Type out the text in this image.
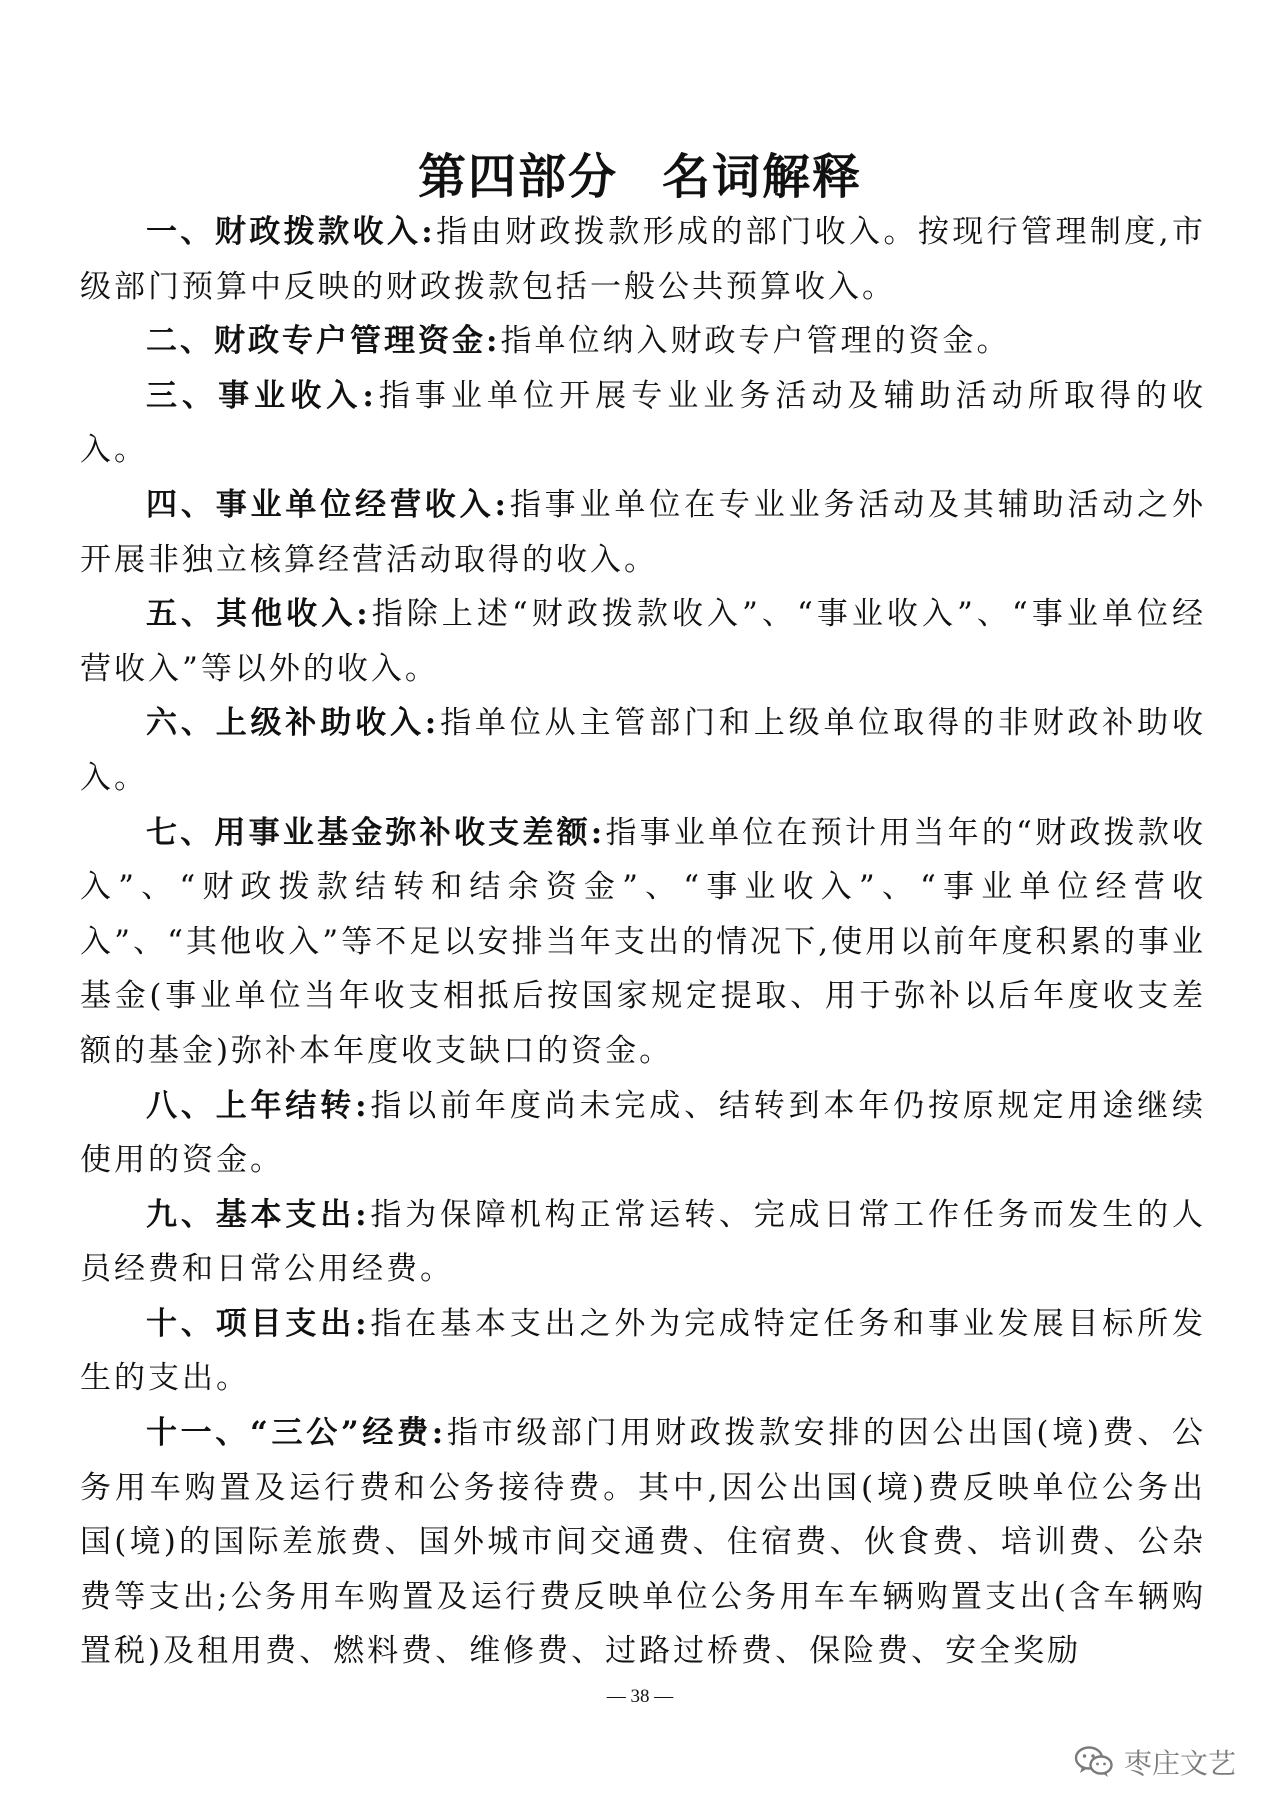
第四部分 名词解释

一、财政拨款收入:指由财政拨款形成的部门收入。按现行管理制度,市级部门预算中反映的财政拨款包括一般公共预算收入。

二、财政专户管理资金:指单位纳入财政专户管理的资金。

三、事业收入:指事业单位开展专业业务活动及辅助活动所取得的收入。

四、事业单位经营收入:指事业单位在专业业务活动及其辅助活动之外开展非独立核算经营活动取得的收入。

五、其他收入:指除上述“财政拨款收入”、“事业收入”、“事业单位经营收入”等以外的收入。

六、上级补助收入:指单位从主管部门和上级单位取得的非财政补助收入。

七、用事业基金弥补收支差额:指事业单位在预计用当年的“财政拨款收入”、“财政拨款结转和结余资金”、“事业收入”、“事业单位经营收入”、“其他收入”等不足以安排当年支出的情况下,使用以前年度积累的事业基金(事业单位当年收支相抵后按国家规定提取、用于弥补以后年度收支差额的基金)弥补本年度收支缺口的资金。

八、上年结转:指以前年度尚未完成、结转到本年仍按原规定用途继续使用的资金。

九、基本支出:指为保障机构正常运转、完成日常工作任务而发生的人员经费和日常公用经费。

十、项目支出:指在基本支出之外为完成特定任务和事业发展目标所发生的支出。

十一、“三公”经费:指市级部门用财政拨款安排的因公出国(境)费、公务用车购置及运行费和公务接待费。其中,因公出国(境)费反映单位公务出国(境)的国际差旅费、国外城市间交通费、住宿费、伙食费、培训费、公杂费等支出;公务用车购置及运行费反映单位公务用车车辆购置支出(含车辆购置税)及租用费、燃料费、维修费、过路过桥费、保险费、安全奖励

— 38 —
枣庄文艺
